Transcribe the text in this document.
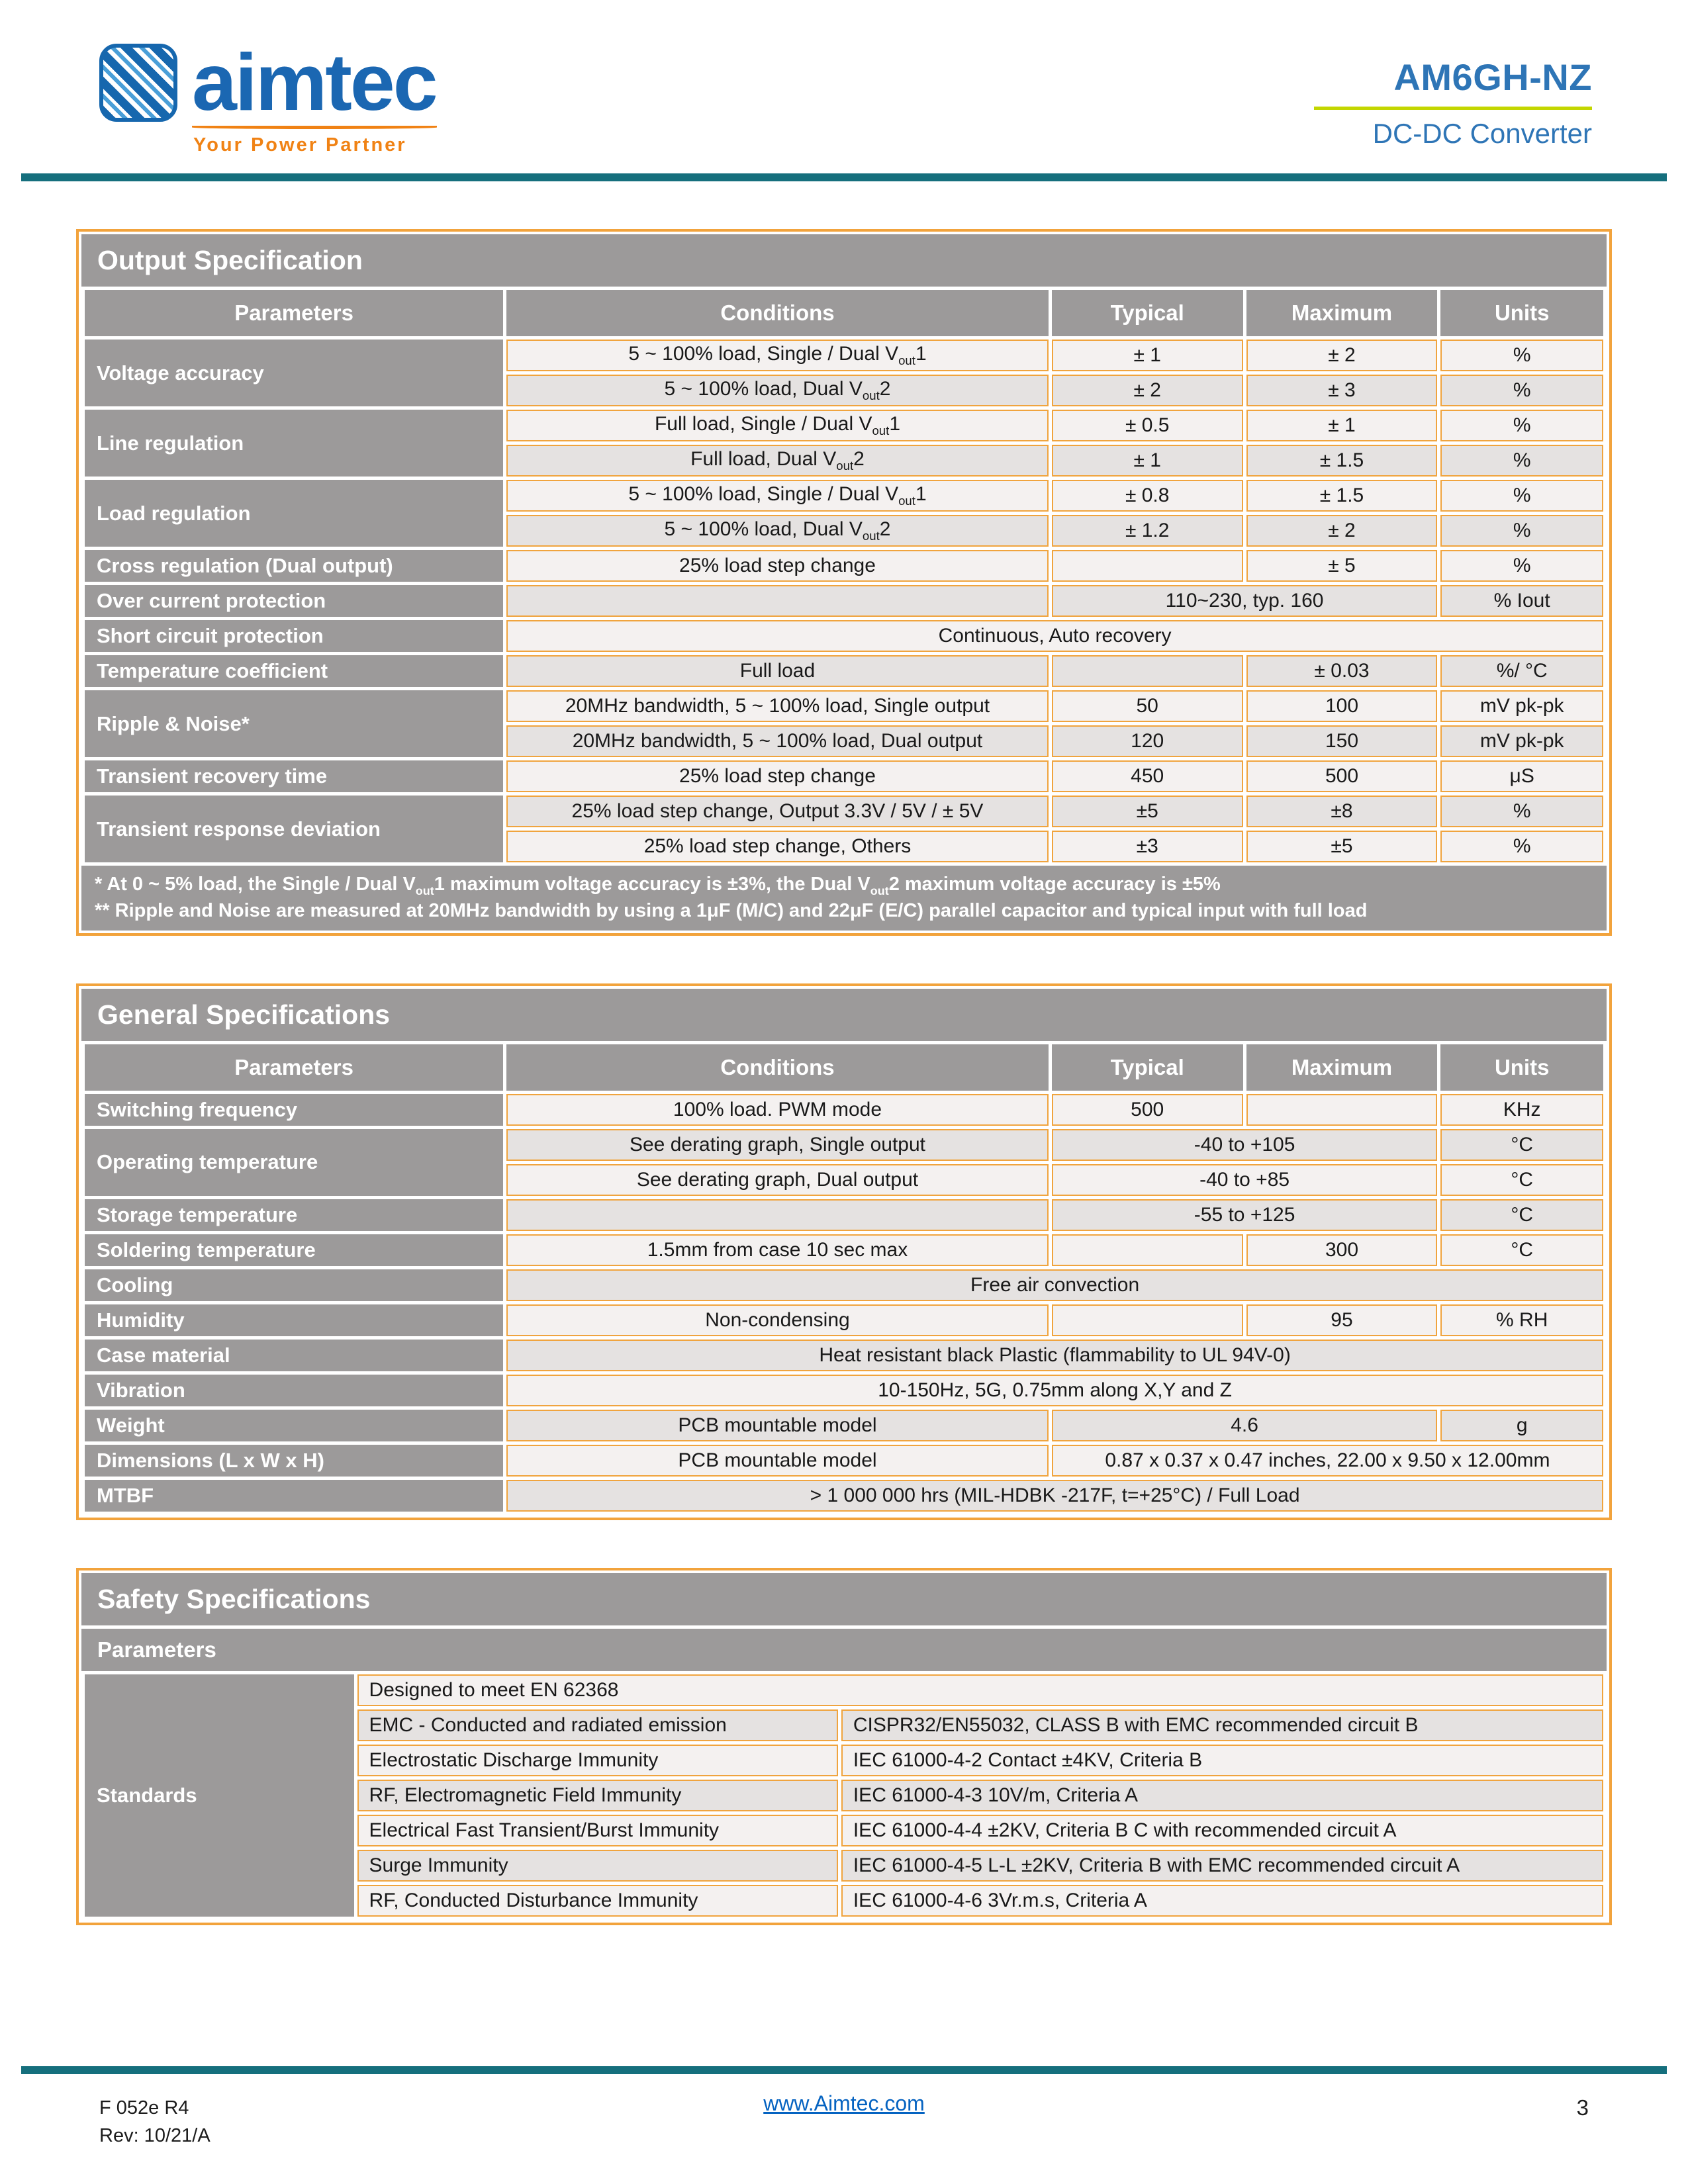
aimtec
Your Power Partner
AM6GH-NZ
DC-DC Converter
Output Specification
Parameters	Conditions	Typical	Maximum	Units
Voltage accuracy	5 ~ 100% load, Single / Dual $V_{out}1$	± 1	± 2	%
	5 ~ 100% load, Dual $V_{out}2$	± 2	± 3	%
Line regulation	Full load, Single / Dual $V_{out}1$	± 0.5	± 1	%
	Full load, Dual $V_{out}2$	± 1	± 1.5	%
Load regulation	5 ~ 100% load, Single / Dual $V_{out}1$	± 0.8	± 1.5	%
	5 ~ 100% load, Dual $V_{out}2$	± 1.2	± 2	%
Cross regulation (Dual output)	25% load step change		± 5	%
Over current protection		110~230, typ. 160		% Iout
Short circuit protection	Continuous, Auto recovery			
Temperature coefficient	Full load		± 0.03	%/ °C
Ripple & Noise*	20MHz bandwidth, 5 ~ 100% load, Single output	50	100	mV pk-pk
	20MHz bandwidth, 5 ~ 100% load, Dual output	120	150	mV pk-pk
Transient recovery time	25% load step change	450	500	μS
Transient response deviation	25% load step change, Output 3.3V / 5V / ± 5V	±5	±8	%
	25% load step change, Others	±3	±5	%
* At 0 ~ 5% load, the Single / Dual $V_{out}1$ maximum voltage accuracy is ±3%, the Dual $V_{out}2$ maximum voltage accuracy is ±5%
** Ripple and Noise are measured at 20MHz bandwidth by using a 1μF (M/C) and 22μF (E/C) parallel capacitor and typical input with full load
General Specifications
Parameters	Conditions	Typical	Maximum	Units
Switching frequency	100% load. PWM mode	500		KHz
Operating temperature	See derating graph, Single output	-40 to +105		°C
	See derating graph, Dual output	-40 to +85		°C
Storage temperature		-55 to +125		°C
Soldering temperature	1.5mm from case 10 sec max		300	°C
Cooling	Free air convection			
Humidity	Non-condensing		95	% RH
Case material	Heat resistant black Plastic (flammability to UL 94V-0)			
Vibration	10-150Hz, 5G, 0.75mm along X,Y and Z			
Weight	PCB mountable model	4.6		g
Dimensions (L x W x H)	PCB mountable model	0.87 x 0.37 x 0.47 inches, 22.00 x 9.50 x 12.00mm		
MTBF	> 1 000 000 hrs (MIL-HDBK -217F, t=+25°C) / Full Load			
Safety Specifications
Parameters
Standards	Designed to meet EN 62368	
	EMC - Conducted and radiated emission	CISPR32/EN55032, CLASS B with EMC recommended circuit B
	Electrostatic Discharge Immunity	IEC 61000-4-2 Contact ±4KV, Criteria B
	RF, Electromagnetic Field Immunity	IEC 61000-4-3 10V/m, Criteria A
	Electrical Fast Transient/Burst Immunity	IEC 61000-4-4 ±2KV, Criteria B C with recommended circuit A
	Surge Immunity	IEC 61000-4-5 L-L ±2KV, Criteria B with EMC recommended circuit A
	RF, Conducted Disturbance Immunity	IEC 61000-4-6 3Vr.m.s, Criteria A
F 052e R4
Rev: 10/21/A
www.Aimtec.com	3
